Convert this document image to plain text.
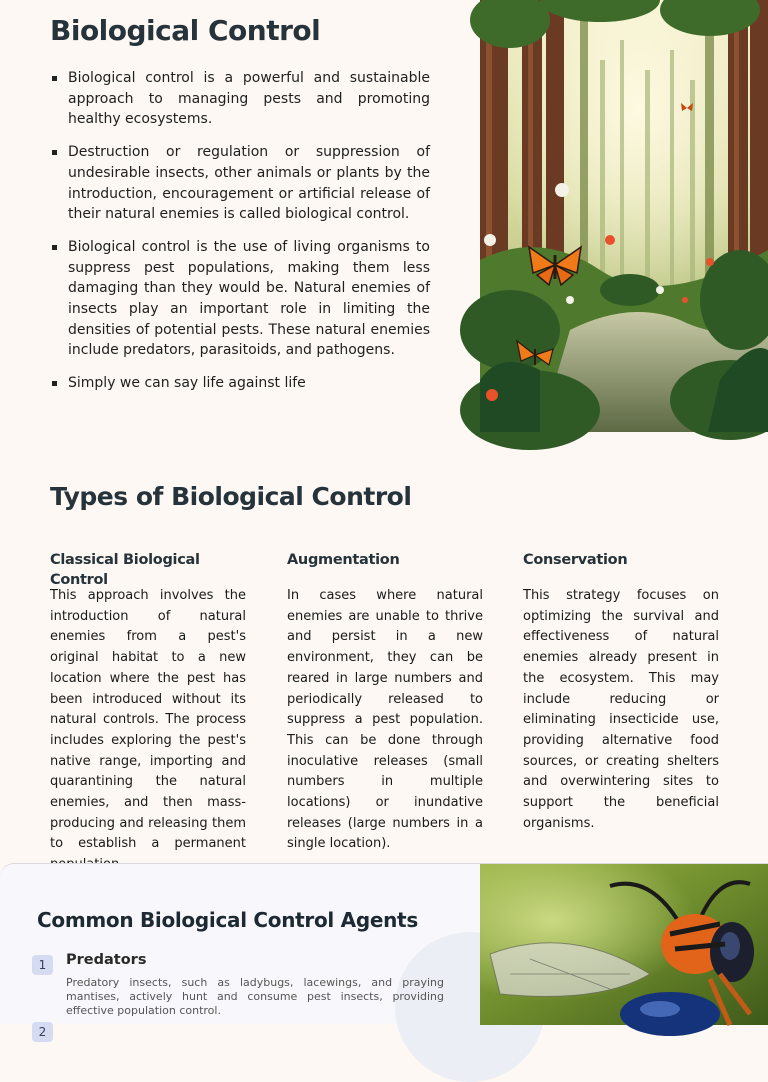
Biological Control
Biological control is a powerful and sustainable approach to managing pests and promoting healthy ecosystems.
Destruction or regulation or suppression of undesirable insects, other animals or plants by the introduction, encouragement or artificial release of their natural enemies is called biological control.
Biological control is the use of living organisms to suppress pest populations, making them less damaging than they would be. Natural enemies of insects play an important role in limiting the densities of potential pests. These natural enemies include predators, parasitoids, and pathogens.
Simply we can say life against life
Types of Biological Control
Classical Biological Control

This approach involves the introduction of natural enemies from a pest's original habitat to a new location where the pest has been introduced without its natural controls. The process includes exploring the pest's native range, importing and quarantining the natural enemies, and then mass-producing and releasing them to establish a permanent

Augmentation

In cases where natural enemies are unable to thrive and persist in a new environment, they can be reared in large numbers and periodically released to suppress a pest population. This can be done through inoculative releases (small numbers in multiple locations) or inundative releases (large numbers in a single location).

Conservation

This strategy focuses on optimizing the survival and effectiveness of natural enemies already present in the ecosystem. This may include reducing or eliminating insecticide use, providing alternative food sources, or creating shelters and overwintering sites to support the beneficial organisms.

Common Biological Control Agents
1	Predators

Predatory insects, such as ladybugs, lacewings, and praying mantises, actively hunt and consume pest insects, providing effective population control.

2
